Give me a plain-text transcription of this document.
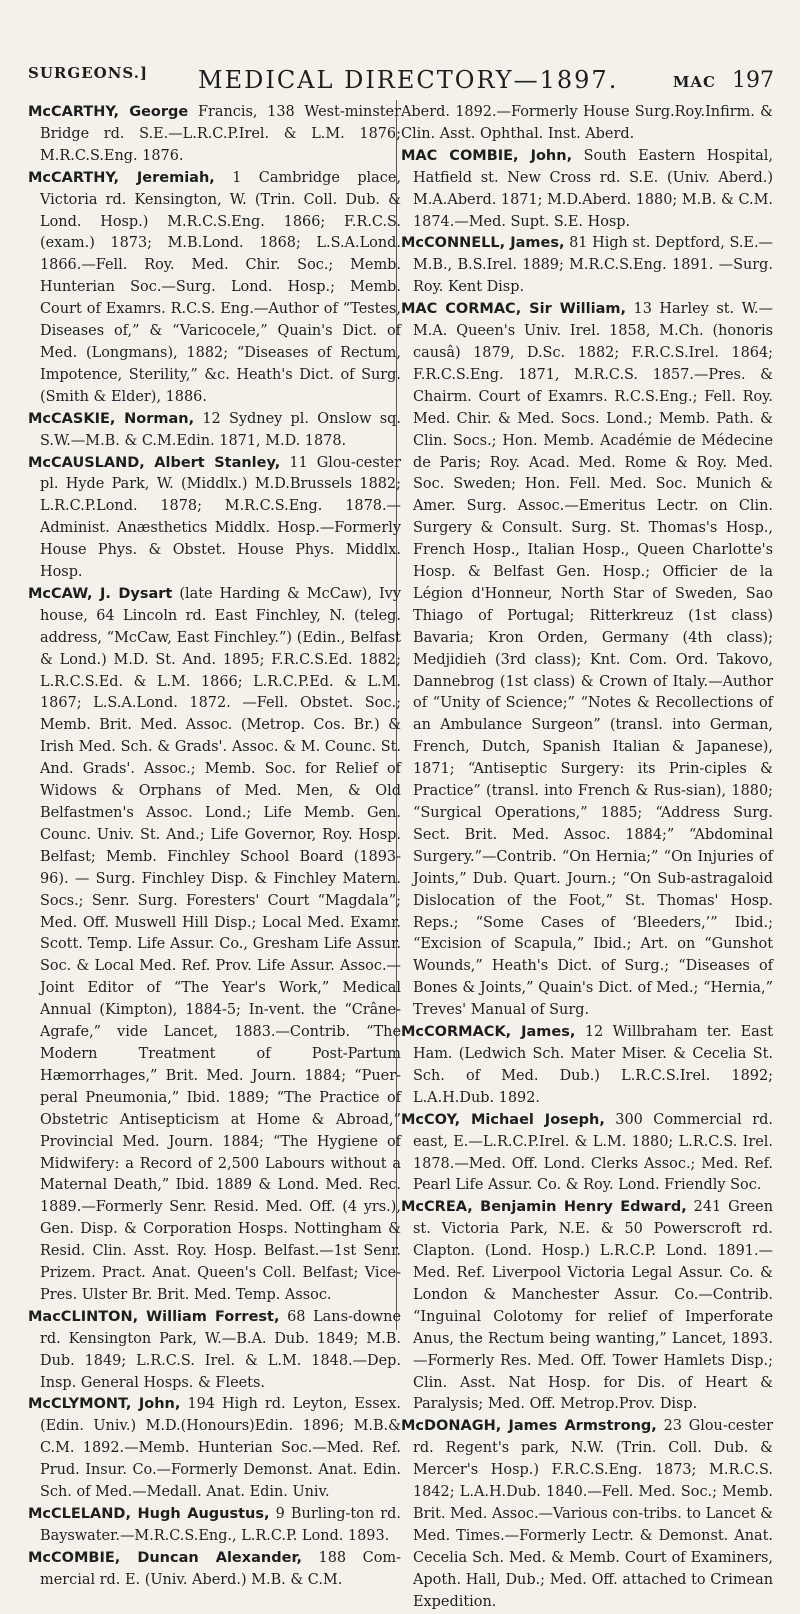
SURGEONS.] MEDICAL DIRECTORY—1897.	MAC 197

McCARTHY, George Francis, 138 West-minster Bridge rd. S.E.—L.R.C.P.Irel. & L.M. 1876; M.R.C.S.Eng. 1876.

McCARTHY, Jeremiah, 1 Cambridge place, Victoria rd. Kensington, W. (Trin. Coll. Dub. & Lond. Hosp.) M.R.C.S.Eng. 1866; F.R.C.S. (exam.) 1873; M.B.Lond. 1868; L.S.A.Lond. 1866.—Fell. Roy. Med. Chir. Soc.; Memb. Hunterian Soc.—Surg. Lond. Hosp.; Memb. Court of Examrs. R.C.S. Eng.—Author of “Testes, Diseases of,” & “Varicocele,” Quain's Dict. of Med. (Longmans), 1882; “Diseases of Rectum, Impotence, Sterility,” &c. Heath's Dict. of Surg. (Smith & Elder), 1886.

McCASKIE, Norman, 12 Sydney pl. Onslow sq. S.W.—M.B. & C.M.Edin. 1871, M.D. 1878.

McCAUSLAND, Albert Stanley, 11 Glou-cester pl. Hyde Park, W. (Middlx.) M.D.Brussels 1882; L.R.C.P.Lond. 1878; M.R.C.S.Eng. 1878.—Administ. Anæsthetics Middlx. Hosp.—Formerly House Phys. & Obstet. House Phys. Middlx. Hosp.

McCAW, J. Dysart (late Harding & McCaw), Ivy house, 64 Lincoln rd. East Finchley, N. (teleg. address, “McCaw, East Finchley.”) (Edin., Belfast & Lond.) M.D. St. And. 1895; F.R.C.S.Ed. 1882; L.R.C.S.Ed. & L.M. 1866; L.R.C.P.Ed. & L.M. 1867; L.S.A.Lond. 1872. —Fell. Obstet. Soc.; Memb. Brit. Med. Assoc. (Metrop. Cos. Br.) & Irish Med. Sch. & Grads'. Assoc. & M. Counc. St. And. Grads'. Assoc.; Memb. Soc. for Relief of Widows & Orphans of Med. Men, & Old Belfastmen's Assoc. Lond.; Life Memb. Gen. Counc. Univ. St. And.; Life Governor, Roy. Hosp. Belfast; Memb. Finchley School Board (1893-96). — Surg. Finchley Disp. & Finchley Matern. Socs.; Senr. Surg. Foresters' Court “Magdala”; Med. Off. Muswell Hill Disp.; Local Med. Examr. Scott. Temp. Life Assur. Co., Gresham Life Assur. Soc. & Local Med. Ref. Prov. Life Assur. Assoc.—Joint Editor of “The Year's Work,” Medical Annual (Kimpton), 1884-5; In-vent. the “Crâne-Agrafe,” vide Lancet, 1883.—Contrib. “The Modern Treatment of Post-Partum Hæmorrhages,” Brit. Med. Journ. 1884; “Puer-peral Pneumonia,” Ibid. 1889; “The Practice of Obstetric Antisepticism at Home & Abroad,” Provincial Med. Journ. 1884; “The Hygiene of Midwifery: a Record of 2,500 Labours without a Maternal Death,” Ibid. 1889 & Lond. Med. Rec. 1889.—Formerly Senr. Resid. Med. Off. (4 yrs.), Gen. Disp. & Corporation Hosps. Nottingham & Resid. Clin. Asst. Roy. Hosp. Belfast.—1st Senr. Prizem. Pract. Anat. Queen's Coll. Belfast; Vice-Pres. Ulster Br. Brit. Med. Temp. Assoc.

MacCLINTON, William Forrest, 68 Lans-downe rd. Kensington Park, W.—B.A. Dub. 1849; M.B. Dub. 1849; L.R.C.S. Irel. & L.M. 1848.—Dep. Insp. General Hosps. & Fleets.

McCLYMONT, John, 194 High rd. Leyton, Essex. (Edin. Univ.) M.D.(Honours)Edin. 1896; M.B.& C.M. 1892.—Memb. Hunterian Soc.—Med. Ref. Prud. Insur. Co.—Formerly Demonst. Anat. Edin. Sch. of Med.—Medall. Anat. Edin. Univ.

McCLELAND, Hugh Augustus, 9 Burling-ton rd. Bayswater.—M.R.C.S.Eng., L.R.C.P. Lond. 1893.

McCOMBIE, Duncan Alexander, 188 Com-mercial rd. E. (Univ. Aberd.) M.B. & C.M.

Aberd. 1892.—Formerly House Surg.Roy.Infirm. & Clin. Asst. Ophthal. Inst. Aberd.

MAC COMBIE, John, South Eastern Hospital, Hatfield st. New Cross rd. S.E. (Univ. Aberd.) M.A.Aberd. 1871; M.D.Aberd. 1880; M.B. & C.M. 1874.—Med. Supt. S.E. Hosp.

McCONNELL, James, 81 High st. Deptford, S.E.—M.B., B.S.Irel. 1889; M.R.C.S.Eng. 1891. —Surg. Roy. Kent Disp.

MAC CORMAC, Sir William, 13 Harley st. W.—M.A. Queen's Univ. Irel. 1858, M.Ch. (honoris causâ) 1879, D.Sc. 1882; F.R.C.S.Irel. 1864; F.R.C.S.Eng. 1871, M.R.C.S. 1857.—Pres. & Chairm. Court of Examrs. R.C.S.Eng.; Fell. Roy. Med. Chir. & Med. Socs. Lond.; Memb. Path. & Clin. Socs.; Hon. Memb. Académie de Médecine de Paris; Roy. Acad. Med. Rome & Roy. Med. Soc. Sweden; Hon. Fell. Med. Soc. Munich & Amer. Surg. Assoc.—Emeritus Lectr. on Clin. Surgery & Consult. Surg. St. Thomas's Hosp., French Hosp., Italian Hosp., Queen Charlotte's Hosp. & Belfast Gen. Hosp.; Officier de la Légion d'Honneur, North Star of Sweden, Sao Thiago of Portugal; Ritterkreuz (1st class) Bavaria; Kron Orden, Germany (4th class); Medjidieh (3rd class); Knt. Com. Ord. Takovo, Dannebrog (1st class) & Crown of Italy.—Author of “Unity of Science;” “Notes & Recollections of an Ambulance Surgeon” (transl. into German, French, Dutch, Spanish Italian & Japanese), 1871; “Antiseptic Surgery: its Prin-ciples & Practice” (transl. into French & Rus-sian), 1880; “Surgical Operations,” 1885; “Address Surg. Sect. Brit. Med. Assoc. 1884;” “Abdominal Surgery.”—Contrib. “On Hernia;” “On Injuries of Joints,” Dub. Quart. Journ.; “On Sub-astragaloid Dislocation of the Foot,” St. Thomas' Hosp. Reps.; “Some Cases of ‘Bleeders,’” Ibid.; “Excision of Scapula,” Ibid.; Art. on “Gunshot Wounds,” Heath's Dict. of Surg.; “Diseases of Bones & Joints,” Quain's Dict. of Med.; “Hernia,” Treves' Manual of Surg.

McCORMACK, James, 12 Willbraham ter. East Ham. (Ledwich Sch. Mater Miser. & Cecelia St. Sch. of Med. Dub.) L.R.C.S.Irel. 1892; L.A.H.Dub. 1892.

McCOY, Michael Joseph, 300 Commercial rd. east, E.—L.R.C.P.Irel. & L.M. 1880; L.R.C.S. Irel. 1878.—Med. Off. Lond. Clerks Assoc.; Med. Ref. Pearl Life Assur. Co. & Roy. Lond. Friendly Soc.

McCREA, Benjamin Henry Edward, 241 Green st. Victoria Park, N.E. & 50 Powerscroft rd. Clapton. (Lond. Hosp.) L.R.C.P. Lond. 1891.—Med. Ref. Liverpool Victoria Legal Assur. Co. & London & Manchester Assur. Co.—Contrib. “Inguinal Colotomy for relief of Imperforate Anus, the Rectum being wanting,” Lancet, 1893.—Formerly Res. Med. Off. Tower Hamlets Disp.; Clin. Asst. Nat Hosp. for Dis. of Heart & Paralysis; Med. Off. Metrop.Prov. Disp.

McDONAGH, James Armstrong, 23 Glou-cester rd. Regent's park, N.W. (Trin. Coll. Dub. & Mercer's Hosp.) F.R.C.S.Eng. 1873; M.R.C.S. 1842; L.A.H.Dub. 1840.—Fell. Med. Soc.; Memb. Brit. Med. Assoc.—Various con-tribs. to Lancet & Med. Times.—Formerly Lectr. & Demonst. Anat. Cecelia Sch. Med. & Memb. Court of Examiners, Apoth. Hall, Dub.; Med. Off. attached to Crimean Expedition.
